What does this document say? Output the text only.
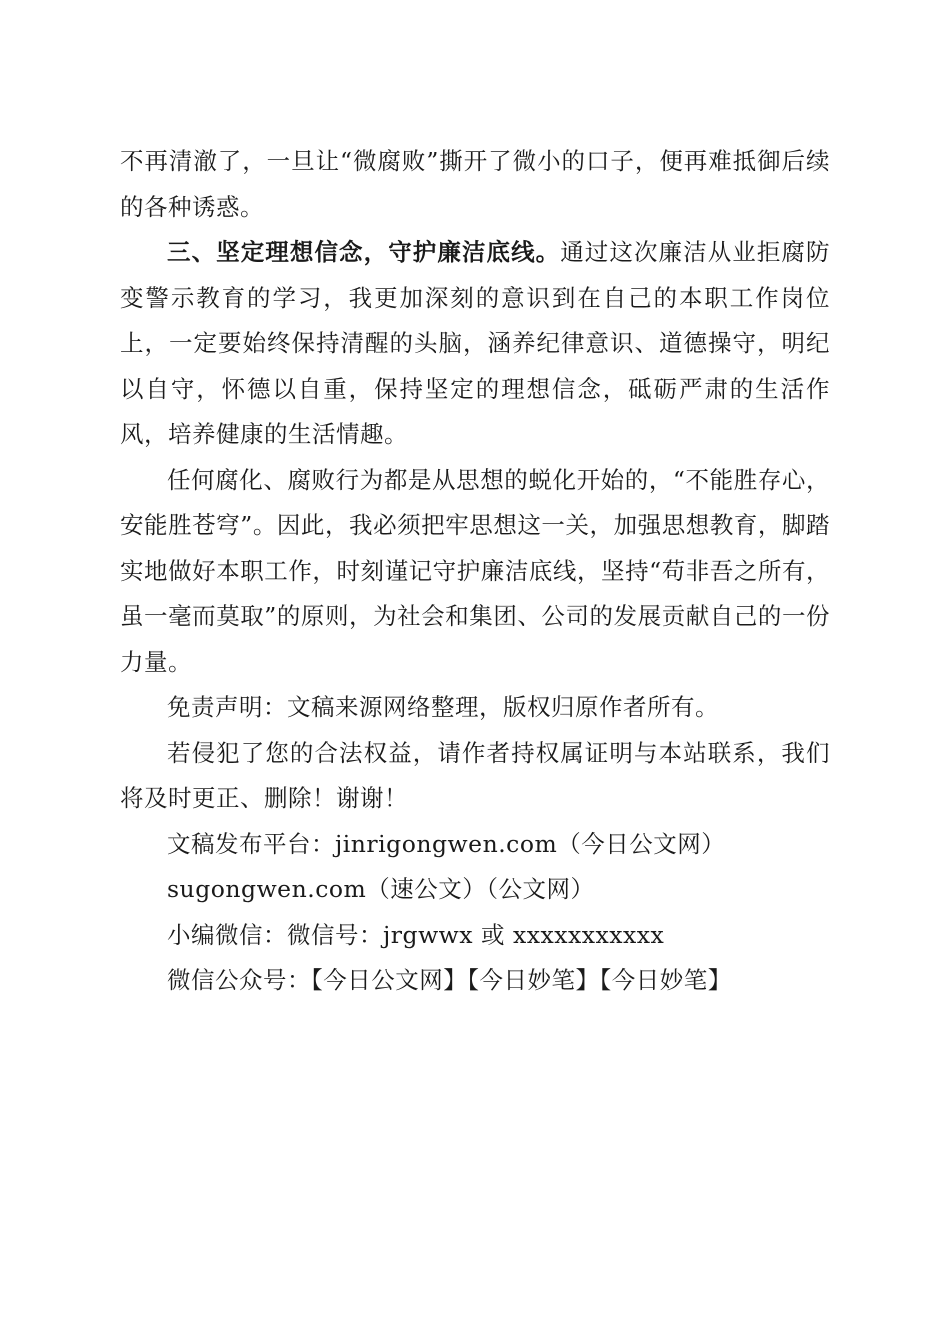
不再清澈了，一旦让“微腐败”撕开了微小的口子，便再难抵御后续的各种诱惑。

三、坚定理想信念，守护廉洁底线。通过这次廉洁从业拒腐防变警示教育的学习，我更加深刻的意识到在自己的本职工作岗位上，一定要始终保持清醒的头脑，涵养纪律意识、道德操守，明纪以自守，怀德以自重，保持坚定的理想信念，砥砺严肃的生活作风，培养健康的生活情趣。

任何腐化、腐败行为都是从思想的蜕化开始的，“不能胜存心，安能胜苍穹”。因此，我必须把牢思想这一关，加强思想教育，脚踏实地做好本职工作，时刻谨记守护廉洁底线，坚持“苟非吾之所有，虽一毫而莫取”的原则，为社会和集团、公司的发展贡献自己的一份力量。

免责声明：文稿来源网络整理，版权归原作者所有。

若侵犯了您的合法权益，请作者持权属证明与本站联系，我们将及时更正、删除！谢谢！

文稿发布平台：jinrigongwen.com（今日公文网）

sugongwen.com（速公文）（公文网）

小编微信：微信号：jrgwwx 或 xxxxxxxxxxx

微信公众号：【今日公文网】【今日妙笔】【今日妙笔】
